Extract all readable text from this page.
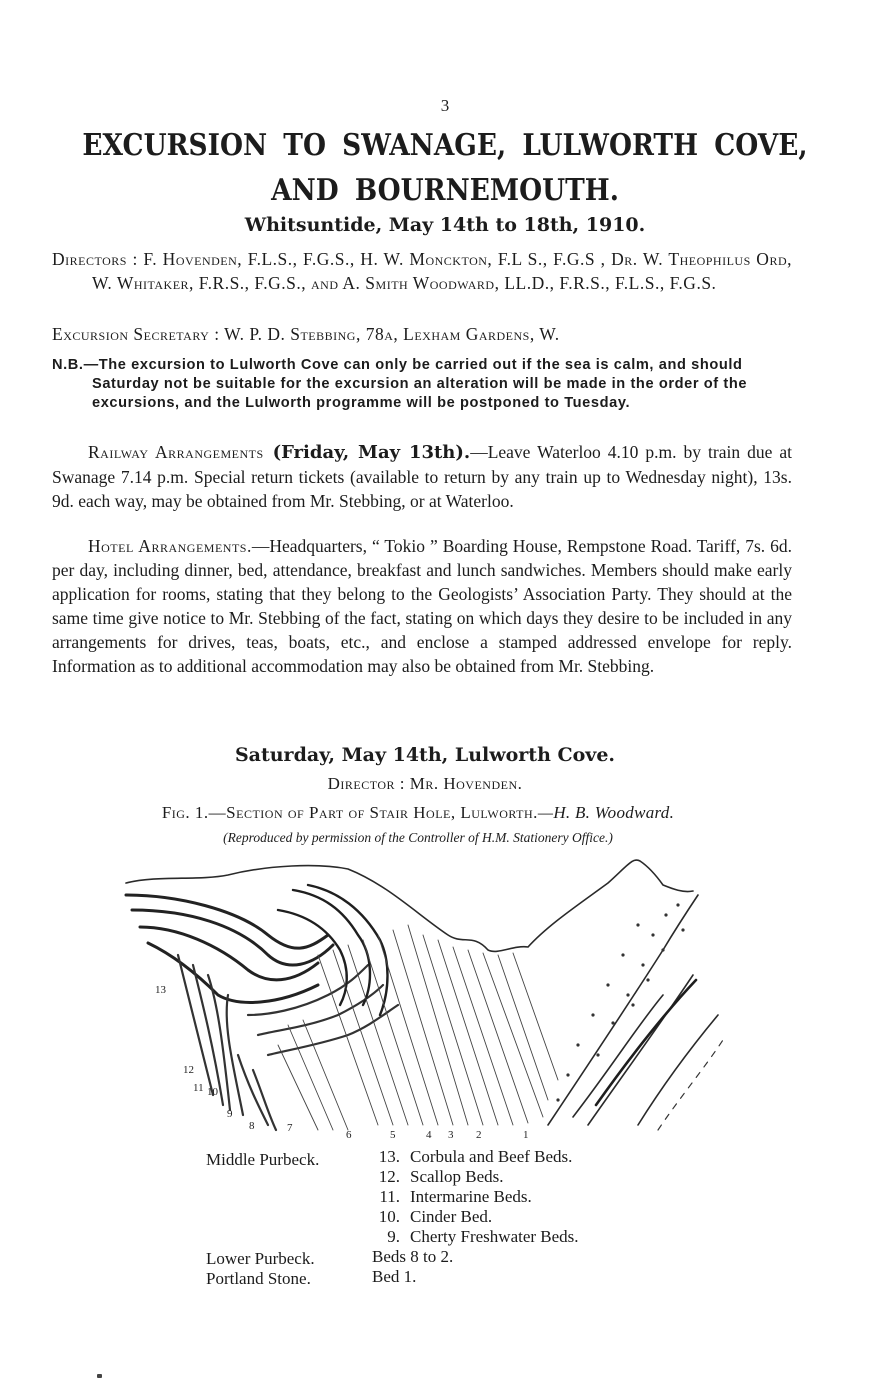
3
EXCURSION TO SWANAGE, LULWORTH COVE,
AND BOURNEMOUTH.
Whitsuntide, May 14th to 18th, 1910.
Directors : F. Hovenden, F.L.S., F.G.S., H. W. Monckton, F.L S., F.G.S , Dr. W. Theophilus Ord, W. Whitaker, F.R.S., F.G.S., and A. Smith Woodward, LL.D., F.R.S., F.L.S., F.G.S.
Excursion Secretary : W. P. D. Stebbing, 78a, Lexham Gardens, W.
N.B.—The excursion to Lulworth Cove can only be carried out if the sea is calm, and should Saturday not be suitable for the excursion an alteration will be made in the order of the excursions, and the Lulworth programme will be postponed to Tuesday.
Railway Arrangements (Friday, May 13th).—Leave Waterloo 4.10 p.m. by train due at Swanage 7.14 p.m. Special return tickets (available to return by any train up to Wednesday night), 13s. 9d. each way, may be obtained from Mr. Stebbing, or at Waterloo.
Hotel Arrangements.—Headquarters, “ Tokio ” Boarding House, Rempstone Road. Tariff, 7s. 6d. per day, including dinner, bed, attendance, breakfast and lunch sandwiches. Members should make early application for rooms, stating that they belong to the Geologists’ Association Party. They should at the same time give notice to Mr. Stebbing of the fact, stating on which days they desire to be included in any arrangements for drives, teas, boats, etc., and enclose a stamped addressed envelope for reply. Information as to additional accommodation may also be obtained from Mr. Stebbing.
Saturday, May 14th, Lulworth Cove.
Director : Mr. Hovenden.
Fig. 1.—Section of Part of Stair Hole, Lulworth.—H. B. Woodward.
(Reproduced by permission of the Controller of H.M. Stationery Office.)
13
12
11 10
9
8	7
6	5	4 3 2	1
Middle Purbeck.	13. Corbula and Beef Beds.
12. Scallop Beds.
11. Intermarine Beds.
10. Cinder Bed.
9. Cherty Freshwater Beds.
Lower Purbeck.	Beds 8 to 2.
Portland Stone.	Bed 1.
